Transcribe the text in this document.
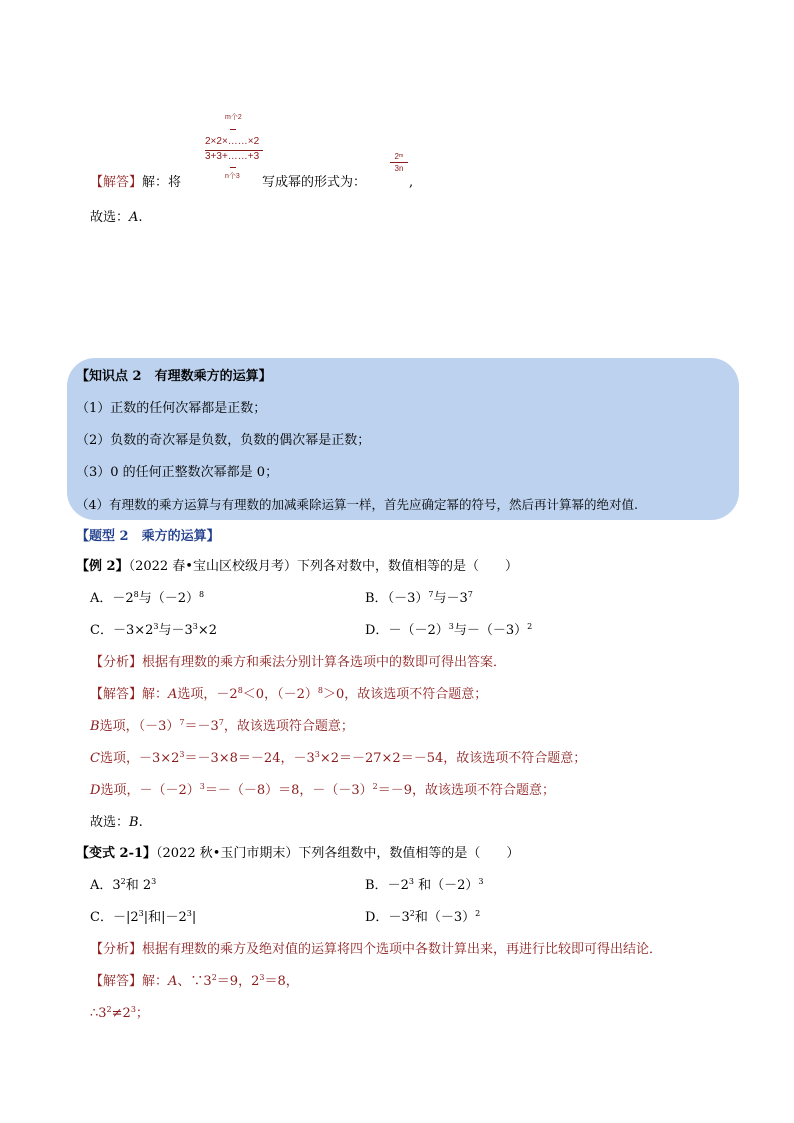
m个2
2×2×……×2
3+3+……+3
n个3
【解答】解：将	写成幂的形式为：
2ᵐ
3n
,
故选：A.
【知识点 2　有理数乘方的运算】
（1）正数的任何次幂都是正数；
（2）负数的奇次幂是负数，负数的偶次幂是正数；
（3）0 的任何正整数次幂都是 0；
（4）有理数的乘方运算与有理数的加减乘除运算一样，首先应确定幂的符号，然后再计算幂的绝对值.
【题型 2　乘方的运算】
【例 2】（2022 春•宝山区校级月考）下列各对数中，数值相等的是（　　）
A．$-2^8$与$(-2)^8$	B．$(-3)^7$与$-3^7$
C．$-3\times 2^3$与$-3^3\times 2$	D．$-(-2)^3$与$-(-3)^2$
【分析】根据有理数的乘方和乘法分别计算各选项中的数即可得出答案．
【解答】解：A选项，$-2^8<0$，$(-2)^8>0$，故该选项不符合题意；
B选项，$(-3)^7=-3^7$，故该选项符合题意；
C选项，$-3\times 2^3=-3\times 8=-24$，$-3^3\times 2=-27\times 2=-54$，故该选项不符合题意；
D选项，$-(-2)^3=-(-8)=8$，$-(-3)^2=-9$，故该选项不符合题意；
故选：B.
【变式 2-1】（2022 秋•玉门市期末）下列各组数中，数值相等的是（　　）
A．$3^2$和 $2^3$	B．$-2^3$ 和$(-2)^3$
C．$-|2^3|$和$|-2^3|$	D．$-3^2$和$(-3)^2$
【分析】根据有理数的乘方及绝对值的运算将四个选项中各数计算出来，再进行比较即可得出结论．
【解答】解：A、$\because 3^2=9$，$2^3=8$，
$\therefore 3^2\ne 2^3$；
